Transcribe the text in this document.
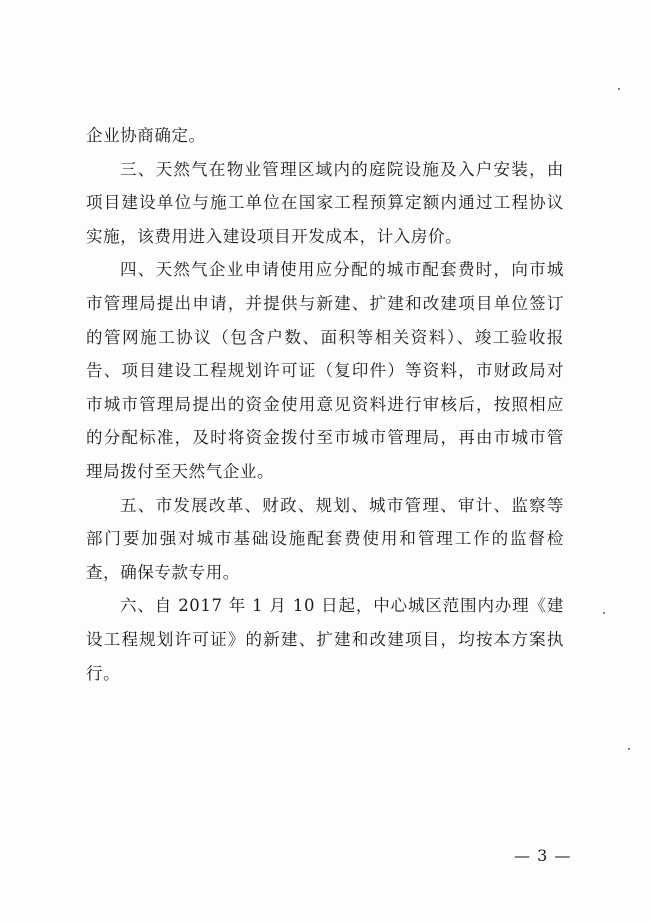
企业协商确定。

三、天然气在物业管理区域内的庭院设施及入户安装，由项目建设单位与施工单位在国家工程预算定额内通过工程协议实施，该费用进入建设项目开发成本，计入房价。

四、天然气企业申请使用应分配的城市配套费时，向市城市管理局提出申请，并提供与新建、扩建和改建项目单位签订的管网施工协议（包含户数、面积等相关资料）、竣工验收报告、项目建设工程规划许可证（复印件）等资料，市财政局对市城市管理局提出的资金使用意见资料进行审核后，按照相应的分配标准，及时将资金拨付至市城市管理局，再由市城市管理局拨付至天然气企业。

五、市发展改革、财政、规划、城市管理、审计、监察等部门要加强对城市基础设施配套费使用和管理工作的监督检查，确保专款专用。

六、自 2017 年 1 月 10 日起，中心城区范围内办理《建设工程规划许可证》的新建、扩建和改建项目，均按本方案执行。

— 3 —
